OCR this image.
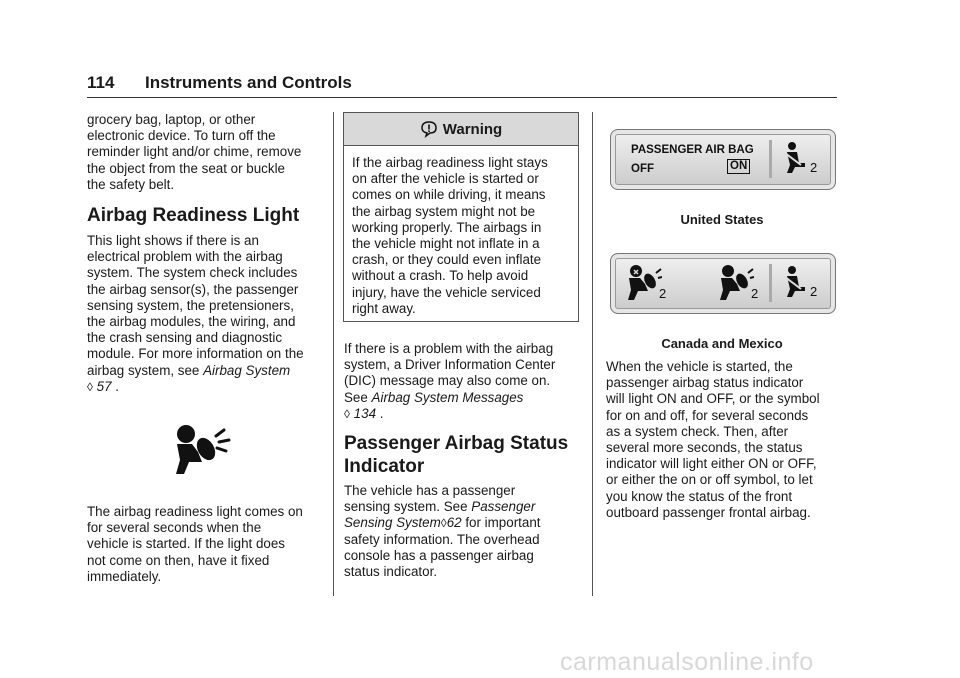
114 Instruments and Controls
grocery bag, laptop, or other
electronic device. To turn off the
reminder light and/or chime, remove
the object from the seat or buckle
the safety belt.
Airbag Readiness Light
This light shows if there is an
electrical problem with the airbag
system. The system check includes
the airbag sensor(s), the passenger
sensing system, the pretensioners,
the airbag modules, the wiring, and
the crash sensing and diagnostic
module. For more information on the
airbag system, see Airbag System
◊ 57 .
The airbag readiness light comes on
for several seconds when the
vehicle is started. If the light does
not come on then, have it fixed
immediately.
Warning
If the airbag readiness light stays
on after the vehicle is started or
comes on while driving, it means
the airbag system might not be
working properly. The airbags in
the vehicle might not inflate in a
crash, or they could even inflate
without a crash. To help avoid
injury, have the vehicle serviced
right away.
If there is a problem with the airbag
system, a Driver Information Center
(DIC) message may also come on.
See Airbag System Messages
◊ 134 .
Passenger Airbag Status
Indicator
The vehicle has a passenger
sensing system. See Passenger
Sensing System◊62 for important
safety information. The overhead
console has a passenger airbag
status indicator.
PASSENGER AIR BAG
OFF	ON	2
United States
2	2	2
Canada and Mexico
When the vehicle is started, the
passenger airbag status indicator
will light ON and OFF, or the symbol
for on and off, for several seconds
as a system check. Then, after
several more seconds, the status
indicator will light either ON or OFF,
or either the on or off symbol, to let
you know the status of the front
outboard passenger frontal airbag.
carmanualsonline.info
